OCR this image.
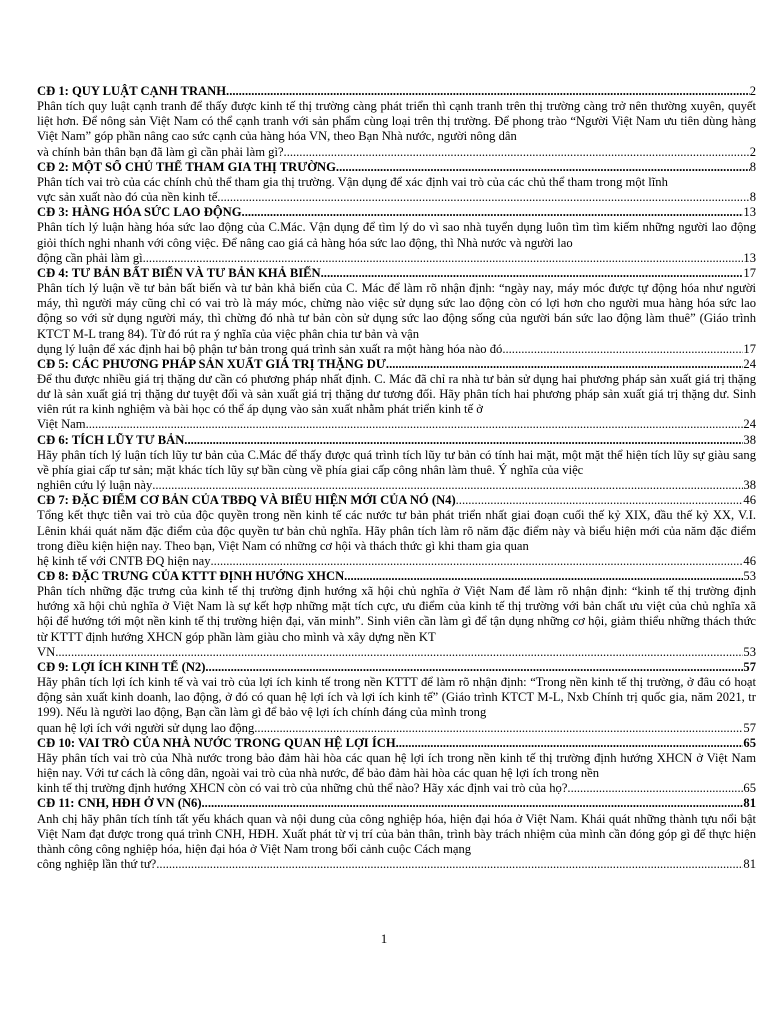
CĐ 1: QUY LUẬT CẠNH TRANH .....	2
Phân tích quy luật cạnh tranh để thấy được kinh tế thị trường càng phát triển thì cạnh tranh trên thị trường càng trở nên thường xuyên, quyết liệt hơn. Để nông sản Việt Nam có thể cạnh tranh với sản phẩm cùng loại trên thị trường. Để phong trào “Người Việt Nam ưu tiên dùng hàng Việt Nam” góp phần nâng cao sức cạnh của hàng hóa VN, theo Bạn Nhà nước, người nông dân
và chính bản thân bạn đã làm gì cần phải làm gì? .....	2
CĐ 2: MỘT SỐ CHỦ THỂ THAM GIA THỊ TRƯỜNG .....	8
Phân tích vai trò của các chính chủ thể tham gia thị trường. Vận dụng để xác định vai trò của các chủ thể tham trong một lĩnh
vực sản xuất nào đó của nền kinh tế. .....	8
CĐ 3: HÀNG HÓA SỨC LAO ĐỘNG .....	13
Phân tích lý luận hàng hóa sức lao động của C.Mác. Vận dụng để tìm lý do vì sao nhà tuyển dụng luôn tìm tìm kiếm những người lao động giỏi thích nghi nhanh với công việc. Để nâng cao giá cả hàng hóa sức lao động, thì Nhà nước và người lao
động cần phải làm gì .....	13
CĐ 4: TƯ BẢN BẤT BIẾN VÀ TƯ BẢN KHẢ BIẾN .....	17
Phân tích lý luận về tư bản bất biến và tư bản khả biến của C. Mác để làm rõ nhận định: “ngày nay, máy móc được tự động hóa như người máy, thì người máy cũng chỉ có vai trò là máy móc, chừng nào việc sử dụng sức lao động còn có lợi hơn cho người mua hàng hóa sức lao động so với sử dụng người máy, thì chừng đó nhà tư bản còn sử dụng sức lao động sống của người bán sức lao động làm thuê” (Giáo trình KTCT M-L trang 84). Từ đó rút ra ý nghĩa của việc phân chia tư bản và vận
dụng lý luận để xác định hai bộ phận tư bản trong quá trình sản xuất ra một hàng hóa nào đó .....	17
CĐ 5: CÁC PHƯƠNG PHÁP SẢN XUẤT GIÁ TRỊ THẶNG DƯ .....	24
Để thu được nhiều giá trị thặng dư cần có phương pháp nhất định. C. Mác đã chỉ ra nhà tư bản sử dụng hai phương pháp sản xuất giá trị thặng dư là sản xuất giá trị thặng dư tuyệt đối và sản xuất giá trị thặng dư tương đối. Hãy phân tích hai phương pháp sản xuất giá trị thặng dư. Sinh viên rút ra kinh nghiệm và bài học có thể áp dụng vào sản xuất nhằm phát triển kinh tế ở
Việt Nam .....	24
CĐ 6: TÍCH LŨY TƯ BẢN .....	38
Hãy phân tích lý luận tích lũy tư bản của C.Mác để thấy được quá trình tích lũy tư bản có tính hai mặt, một mặt thể hiện tích lũy sự giàu sang về phía giai cấp tư sản; mặt khác tích lũy sự bần cùng về phía giai cấp công nhân làm thuê. Ý nghĩa của việc
nghiên cứu lý luận này .....	38
CĐ 7: ĐẶC ĐIỂM CƠ BẢN CỦA TBĐQ VÀ BIỂU HIỆN MỚI CỦA NÓ (N4) .....	46
Tổng kết thực tiễn vai trò của độc quyền trong nền kinh tế các nước tư bản phát triển nhất giai đoạn cuối thế kỷ XIX, đầu thế kỷ XX, V.I. Lênin khái quát năm đặc điểm của độc quyền tư bản chủ nghĩa. Hãy phân tích làm rõ năm đặc điểm này và biểu hiện mới của năm đặc điểm trong điều kiện hiện nay. Theo bạn, Việt Nam có những cơ hội và thách thức gì khi tham gia quan
hệ kinh tế với CNTB ĐQ hiện nay .....	46
CĐ 8: ĐẶC TRƯNG CỦA KTTT ĐỊNH HƯỚNG XHCN .....	53
Phân tích những đặc trưng của kinh tế thị trường định hướng xã hội chủ nghĩa ở Việt Nam để làm rõ nhận định: “kinh tế thị trường định hướng xã hội chủ nghĩa ở Việt Nam là sự kết hợp những mặt tích cực, ưu điểm của kinh tế thị trường với bản chất ưu việt của chủ nghĩa xã hội để hướng tới một nền kinh tế thị trường hiện đại, văn minh”. Sinh viên cần làm gì để tận dụng những cơ hội, giảm thiểu những thách thức từ KTTT định hướng XHCN góp phần làm giàu cho mình và xây dựng nền KT
VN .....	53
CĐ 9: LỢI ÍCH KINH TẾ (N2) .....	57
Hãy phân tích lợi ích kinh tế và vai trò của lợi ích kinh tế trong nền KTTT để làm rõ nhận định: “Trong nền kinh tế thị trường, ở đâu có hoạt động sản xuất kinh doanh, lao động, ở đó có quan hệ lợi ích và lợi ích kinh tế” (Giáo trình KTCT M-L, Nxb Chính trị quốc gia, năm 2021, tr 199). Nếu là người lao động, Bạn cần làm gì để bảo vệ lợi ích chính đáng của mình trong
quan hệ lợi ích với người sử dụng lao động .....	57
CĐ 10: VAI TRÒ CỦA NHÀ NƯỚC TRONG QUAN HỆ LỢI ÍCH .....	65
Hãy phân tích vai trò của Nhà nước trong bảo đảm hài hòa các quan hệ lợi ích trong nền kinh tế thị trường định hướng XHCN ở Việt Nam hiện nay. Với tư cách là công dân, ngoài vai trò của nhà nước, để bảo đảm hài hòa các quan hệ lợi ích trong nền
kinh tế thị trường định hướng XHCN còn có vai trò của những chủ thể nào? Hãy xác định vai trò của họ? .....	65
CĐ 11: CNH, HĐH Ở VN (N6) .....	81
Anh chị hãy phân tích tính tất yếu khách quan và nội dung của công nghiệp hóa, hiện đại hóa ở Việt Nam. Khái quát những thành tựu nổi bật Việt Nam đạt được trong quá trình CNH, HĐH. Xuất phát từ vị trí của bản thân, trình bày trách nhiệm của mình cần đóng góp gì để thực hiện thành công công nghiệp hóa, hiện đại hóa ở Việt Nam trong bối cảnh cuộc Cách mạng
công nghiệp lần thứ tư? .....	81
1
